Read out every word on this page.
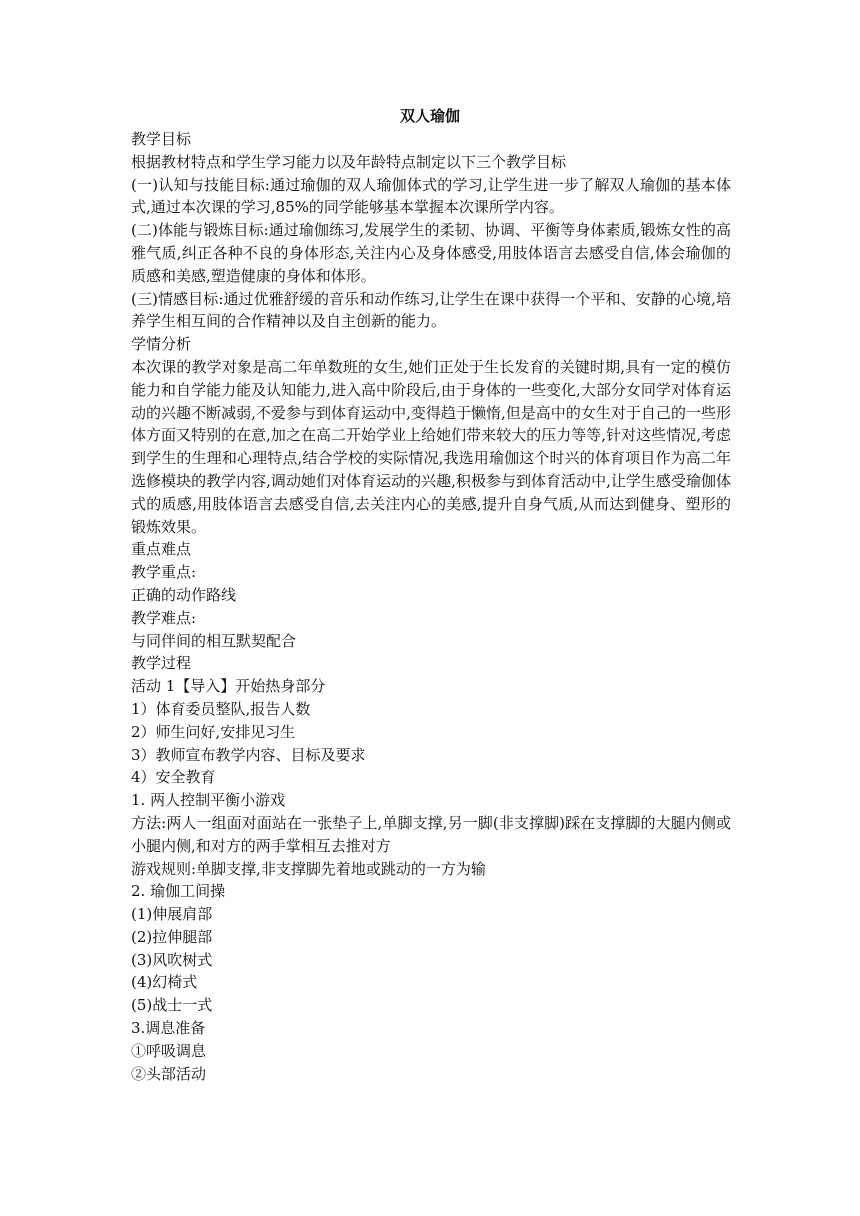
双人瑜伽
教学目标
根据教材特点和学生学习能力以及年龄特点制定以下三个教学目标
(一)认知与技能目标:通过瑜伽的双人瑜伽体式的学习,让学生进一步了解双人瑜伽的基本体式,通过本次课的学习,85%的同学能够基本掌握本次课所学内容。
(二)体能与锻炼目标:通过瑜伽练习,发展学生的柔韧、协调、平衡等身体素质,锻炼女性的高雅气质,纠正各种不良的身体形态,关注内心及身体感受,用肢体语言去感受自信,体会瑜伽的质感和美感,塑造健康的身体和体形。
(三)情感目标:通过优雅舒缓的音乐和动作练习,让学生在课中获得一个平和、安静的心境,培养学生相互间的合作精神以及自主创新的能力。
学情分析
本次课的教学对象是高二年单数班的女生,她们正处于生长发育的关键时期,具有一定的模仿能力和自学能力能及认知能力,进入高中阶段后,由于身体的一些变化,大部分女同学对体育运动的兴趣不断减弱,不爱参与到体育运动中,变得趋于懒惰,但是高中的女生对于自己的一些形体方面又特别的在意,加之在高二开始学业上给她们带来较大的压力等等,针对这些情况,考虑到学生的生理和心理特点,结合学校的实际情况,我选用瑜伽这个时兴的体育项目作为高二年选修模块的教学内容,调动她们对体育运动的兴趣,积极参与到体育活动中,让学生感受瑜伽体式的质感,用肢体语言去感受自信,去关注内心的美感,提升自身气质,从而达到健身、塑形的锻炼效果。
重点难点
教学重点:
正确的动作路线
教学难点:
与同伴间的相互默契配合
教学过程
活动 1【导入】开始热身部分
1）体育委员整队,报告人数
2）师生问好,安排见习生
3）教师宣布教学内容、目标及要求
4）安全教育
1. 两人控制平衡小游戏
方法:两人一组面对面站在一张垫子上,单脚支撑,另一脚(非支撑脚)踩在支撑脚的大腿内侧或小腿内侧,和对方的两手掌相互去推对方
游戏规则:单脚支撑,非支撑脚先着地或跳动的一方为输
2. 瑜伽工间操
(1)伸展肩部
(2)拉伸腿部
(3)风吹树式
(4)幻椅式
(5)战士一式
3.调息准备
①呼吸调息
②头部活动
